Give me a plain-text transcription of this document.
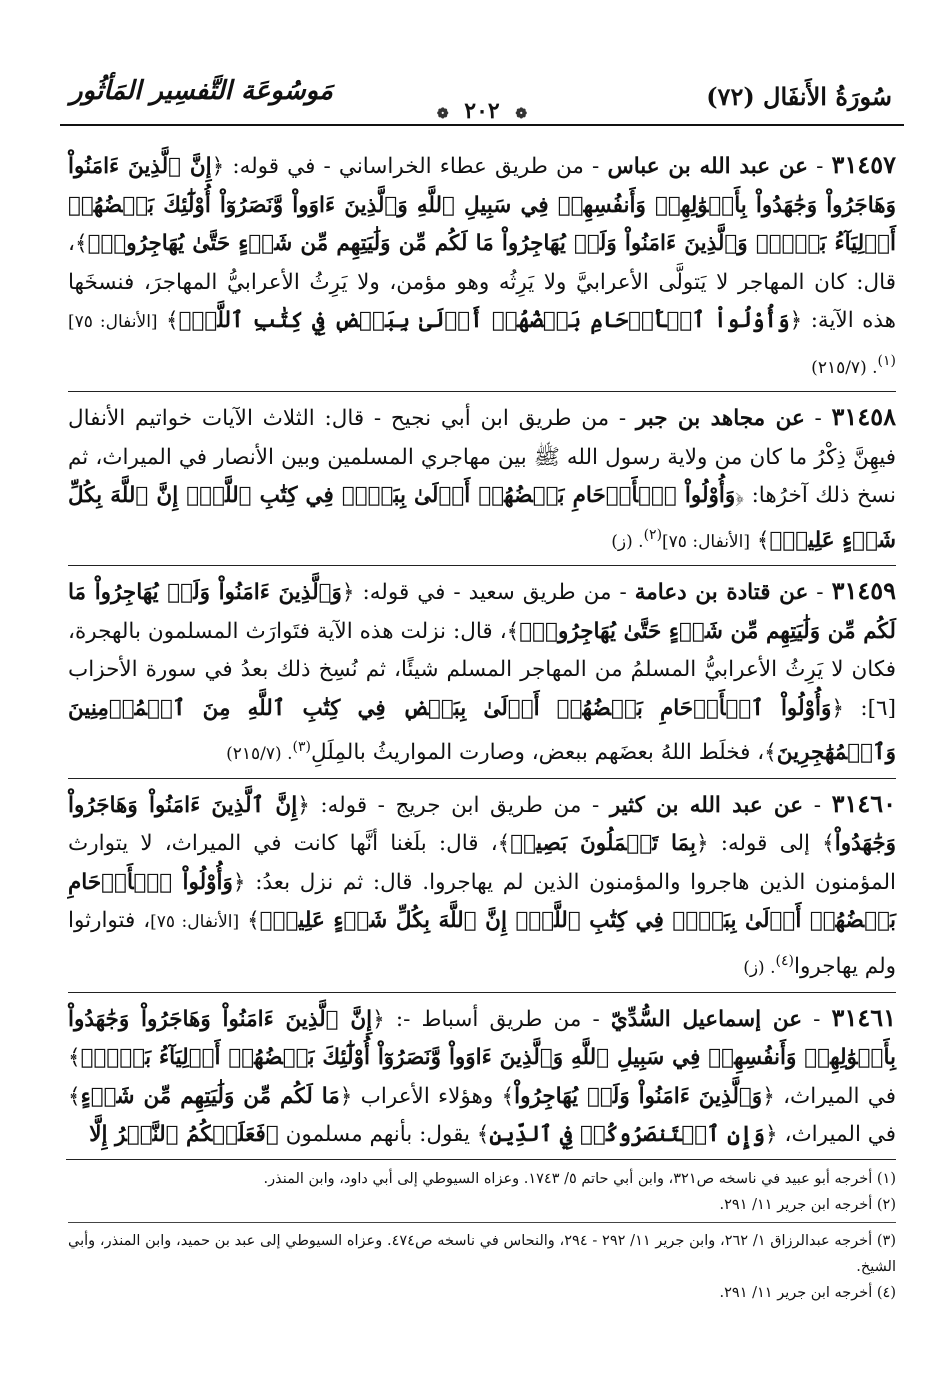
سُورَةُ الأَنفَال (٧٢)
❁ ٢٠٢ ❁
مَوسُوعَة التَّفسِير المَأثُور

٣١٤٥٧ - عن عبد الله بن عباس - من طريق عطاء الخراساني - في قوله: ﴿ إِنَّ ٱلَّذِينَ ءَامَنُواْ وَهَاجَرُواْ وَجَٰهَدُواْ بِأَمۡوَٰلِهِمۡ وَأَنفُسِهِمۡ فِي سَبِيلِ ٱللَّهِ وَٱلَّذِينَ ءَاوَواْ وَّنَصَرُوٓاْ أُوْلَٰٓئِكَ بَعۡضُهُمۡ أَوۡلِيَآءُ بَعۡضٖۚ وَٱلَّذِينَ ءَامَنُواْ وَلَمۡ يُهَاجِرُواْ مَا لَكُم مِّن وَلَٰيَتِهِم مِّن شَيۡءٍ حَتَّىٰ يُهَاجِرُواْۚ ﴾، قال: كان المهاجر لا يَتولَّى الأعرابيَّ ولا يَرِثُه وهو مؤمن، ولا يَرِثُ الأعرابيُّ المهاجرَ، فنسخَها هذه الآية: ﴿ وَأُوْلُواْ ٱلۡأَرۡحَامِ بَعۡضُهُمۡ أَوۡلَىٰ بِبَعۡضٖ فِي كِتَٰبِ ٱللَّهِۚ ﴾ [الأنفال: ٧٥]$^{(١)}$. (٢١٥/٧)

٣١٤٥٨ - عن مجاهد بن جبر - من طريق ابن أبي نجيح - قال: الثلاث الآيات خواتيم الأنفال فيهِنَّ ذِكْرُ ما كان من ولاية رسول الله ﷺ بين مهاجري المسلمين وبين الأنصار في الميراث، ثم نسخ ذلك آخرُها: ﴿ وَأُوْلُواْ ٱلۡأَرۡحَامِ بَعۡضُهُمۡ أَوۡلَىٰ بِبَعۡضٖ فِي كِتَٰبِ ٱللَّهِۚ إِنَّ ٱللَّهَ بِكُلِّ شَيۡءٍ عَلِيمُۢ ﴾ [الأنفال: ٧٥]$^{(٢)}$. (ز)

٣١٤٥٩ - عن قتادة بن دعامة - من طريق سعيد - في قوله: ﴿ وَٱلَّذِينَ ءَامَنُواْ وَلَمۡ يُهَاجِرُواْ مَا لَكُم مِّن وَلَٰيَتِهِم مِّن شَيۡءٍ حَتَّىٰ يُهَاجِرُواْۚ ﴾، قال: نزلت هذه الآية فتَوارَث المسلمون بالهجرة، فكان لا يَرِثُ الأعرابيُّ المسلمُ من المهاجر المسلم شيئًا، ثم نُسِخ ذلك بعدُ في سورة الأحزاب [٦]: ﴿ وَأُوْلُواْ ٱلۡأَرۡحَامِ بَعۡضُهُمۡ أَوۡلَىٰ بِبَعۡضٖ فِي كِتَٰبِ ٱللَّهِ مِنَ ٱلۡمُؤۡمِنِينَ وَٱلۡمُهَٰجِرِينَ ﴾، فخلَط اللهُ بعضَهم ببعض، وصارت المواريثُ بالمِلَلِ$^{(٣)}$. (٢١٥/٧)

٣١٤٦٠ - عن عبد الله بن كثير - من طريق ابن جريج - قوله: ﴿ إِنَّ ٱلَّذِينَ ءَامَنُواْ وَهَاجَرُواْ وَجَٰهَدُواْ ﴾ إلى قوله: ﴿ بِمَا تَعۡمَلُونَ بَصِيرٞ ﴾، قال: بلَغنا أنَّها كانت في الميراث، لا يتوارث المؤمنون الذين هاجروا والمؤمنون الذين لم يهاجروا. قال: ثم نزل بعدُ: ﴿ وَأُوْلُواْ ٱلۡأَرۡحَامِ بَعۡضُهُمۡ أَوۡلَىٰ بِبَعۡضٖ فِي كِتَٰبِ ٱللَّهِۚ إِنَّ ٱللَّهَ بِكُلِّ شَيۡءٍ عَلِيمُۢ ﴾ [الأنفال: ٧٥]، فتوارثوا ولم يهاجروا$^{(٤)}$. (ز)

٣١٤٦١ - عن إسماعيل السُّدِّيّ - من طريق أسباط -: ﴿ إِنَّ ٱلَّذِينَ ءَامَنُواْ وَهَاجَرُواْ وَجَٰهَدُواْ بِأَمۡوَٰلِهِمۡ وَأَنفُسِهِمۡ فِي سَبِيلِ ٱللَّهِ وَٱلَّذِينَ ءَاوَواْ وَّنَصَرُوٓاْ أُوْلَٰٓئِكَ بَعۡضُهُمۡ أَوۡلِيَآءُ بَعۡضٖۚ ﴾ في الميراث، ﴿ وَٱلَّذِينَ ءَامَنُواْ وَلَمۡ يُهَاجِرُواْ ﴾ وهؤلاء الأعراب ﴿ مَا لَكُم مِّن وَلَٰيَتِهِم مِّن شَيۡءٍ ﴾ في الميراث، ﴿ وَإِنِ ٱسۡتَنصَرُوكُمۡ فِي ٱلدِّينِ ﴾ يقول: بأنهم مسلمون ﴿فَعَلَيۡكُمُ ٱلنَّصۡرُ إِلَّا

(١) أخرجه أبو عبيد في ناسخه ص٣٢١، وابن أبي حاتم ٥/ ١٧٤٣. وعزاه السيوطي إلى أبي داود، وابن المنذر.

(٢) أخرجه ابن جرير ١١/ ٢٩١.

(٣) أخرجه عبدالرزاق ١/ ٢٦٢، وابن جرير ١١/ ٢٩٢ - ٢٩٤، والنحاس في ناسخه ص٤٧٤. وعزاه السيوطي إلى عبد بن حميد، وابن المنذر، وأبي الشيخ.

(٤) أخرجه ابن جرير ١١/ ٢٩١.
